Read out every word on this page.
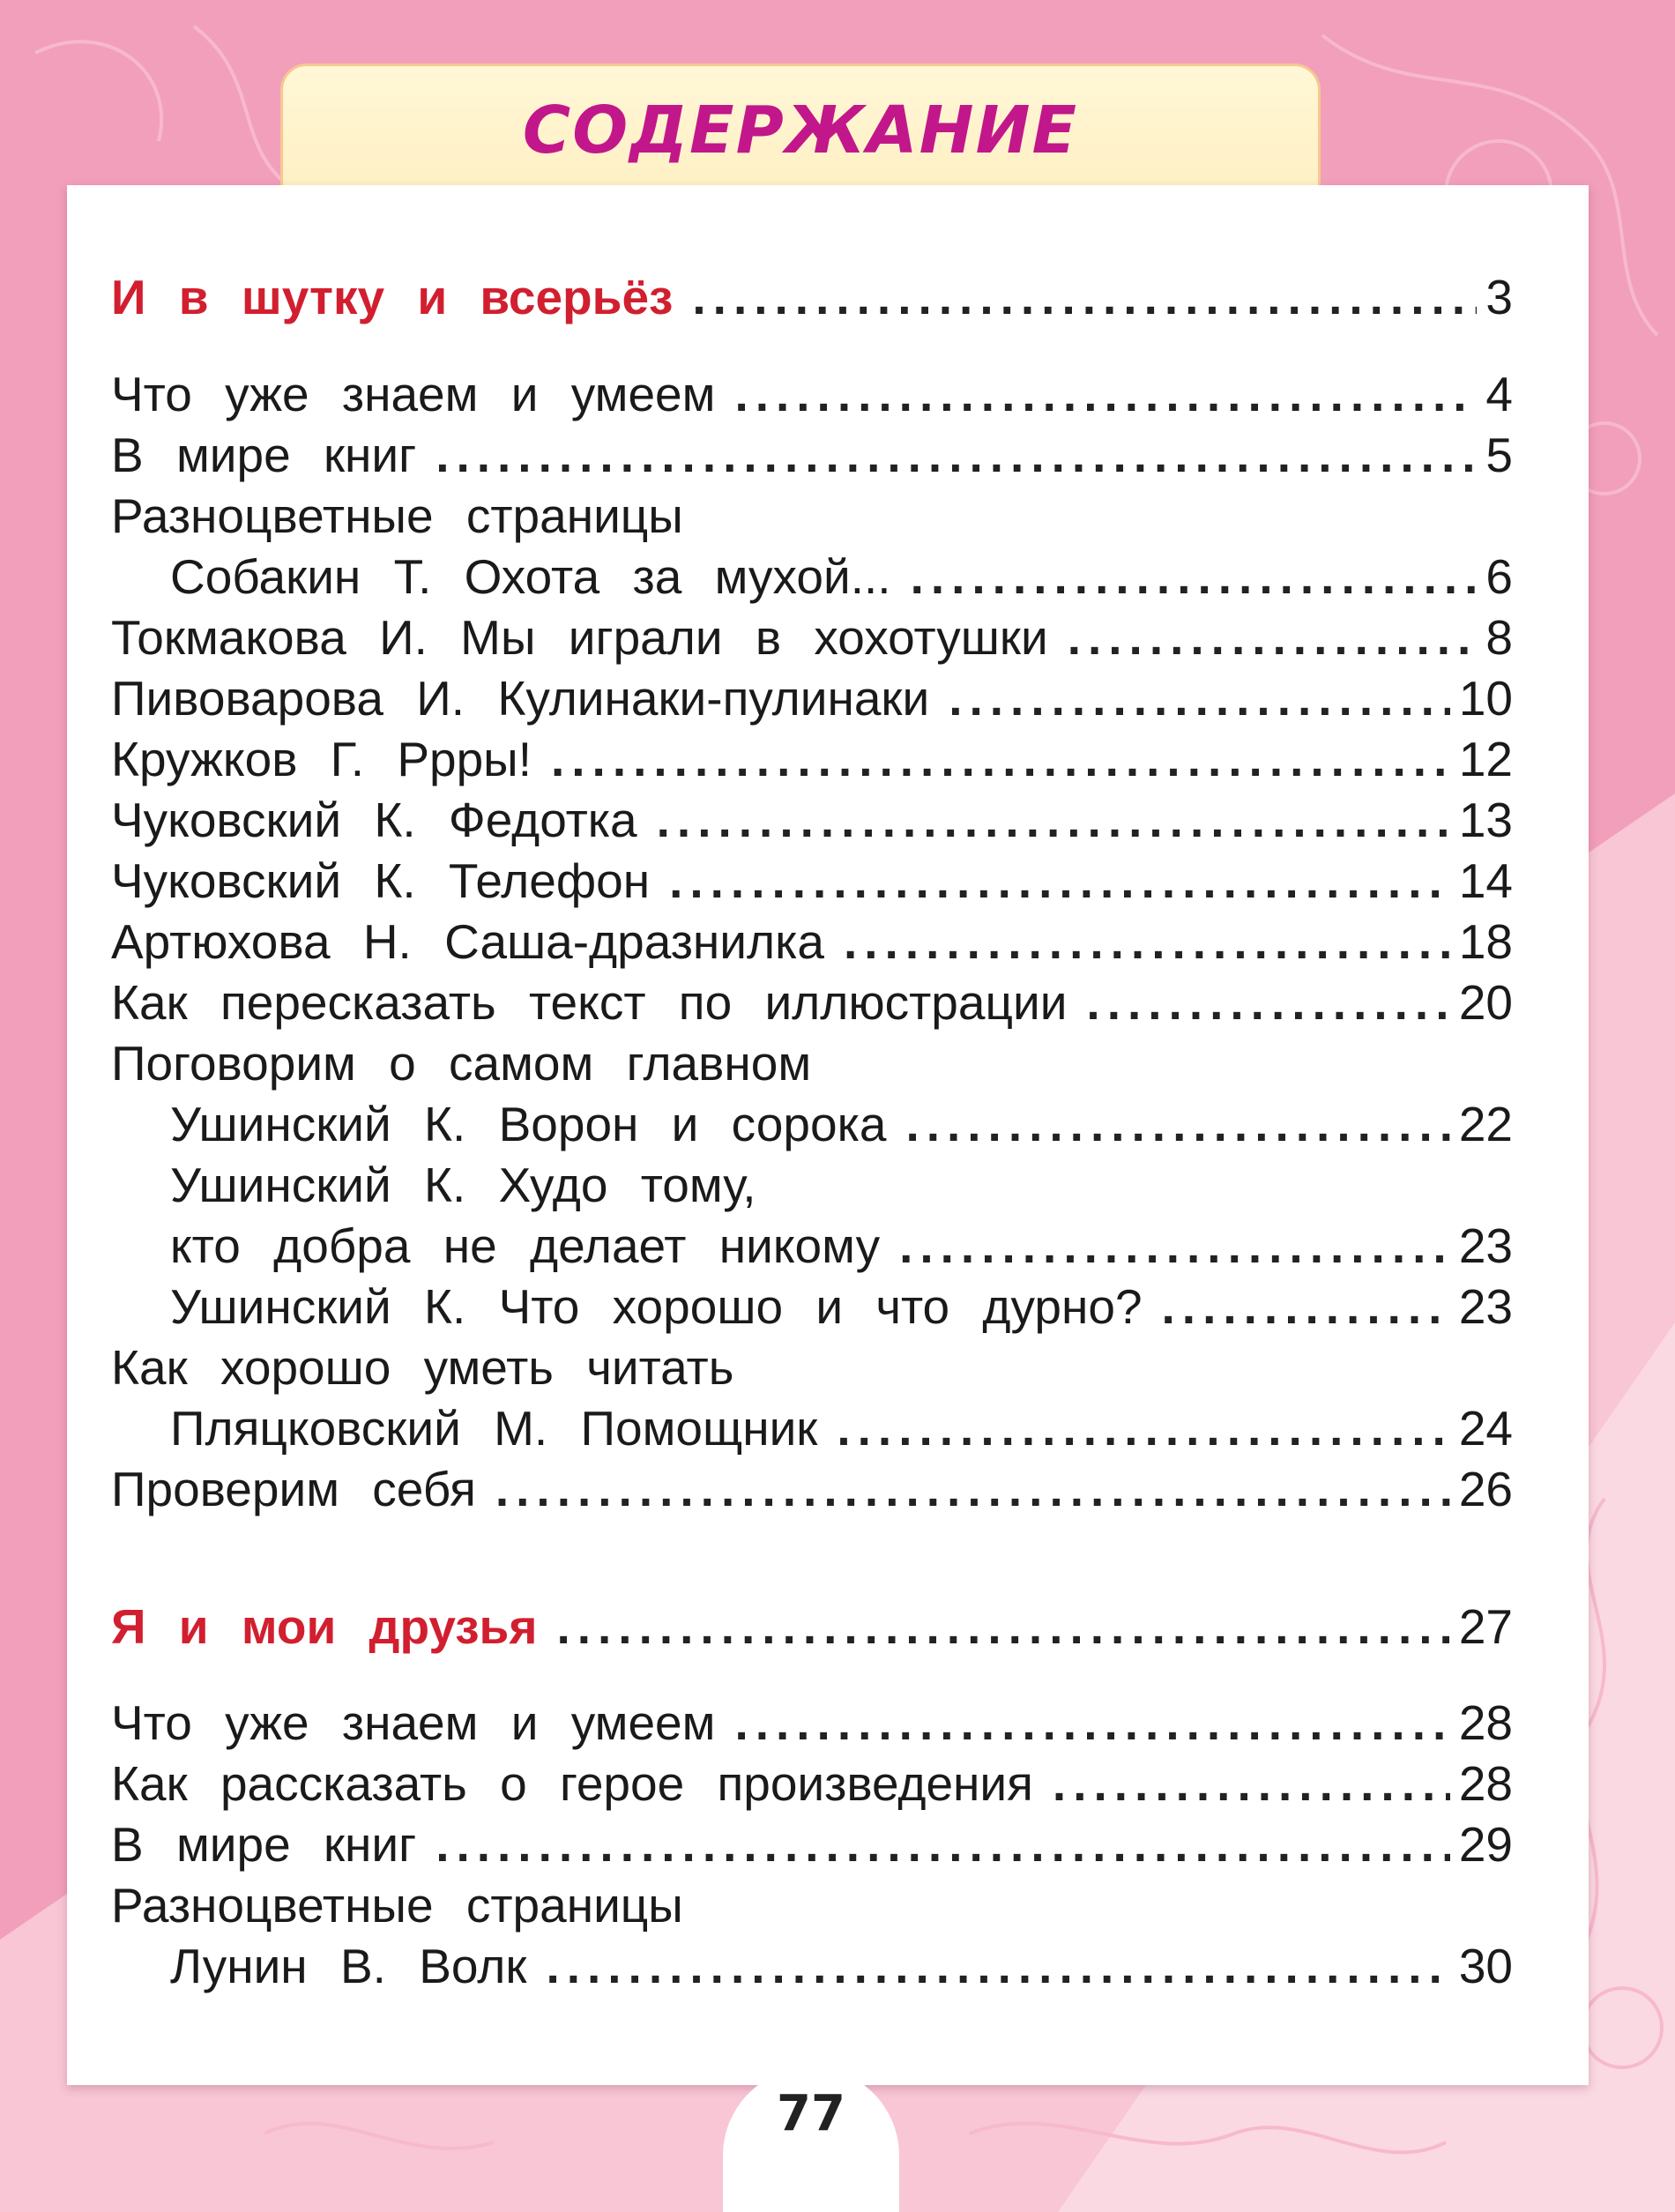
СОДЕРЖАНИЕ
И в шутку и всерьёз .....	3
Что уже знаем и умеем .....	4
В мире книг .....	5
Разноцветные страницы
Собакин Т. Охота за мухой... .....	6
Токмакова И. Мы играли в хохотушки .....	8
Пивоварова И. Кулинаки-пулинаки .....	10
Кружков Г. Ррры! .....	12
Чуковский К. Федотка .....	13
Чуковский К. Телефон .....	14
Артюхова Н. Саша-дразнилка .....	18
Как пересказать текст по иллюстрации .....	20
Поговорим о самом главном
Ушинский К. Ворон и сорока .....	22
Ушинский К. Худо тому,
кто добра не делает никому .....	23
Ушинский К. Что хорошо и что дурно? .....	23
Как хорошо уметь читать
Пляцковский М. Помощник .....	24
Проверим себя .....	26
Я и мои друзья .....	27
Что уже знаем и умеем .....	28
Как рассказать о герое произведения .....	28
В мире книг .....	29
Разноцветные страницы
Лунин В. Волк .....	30
77
